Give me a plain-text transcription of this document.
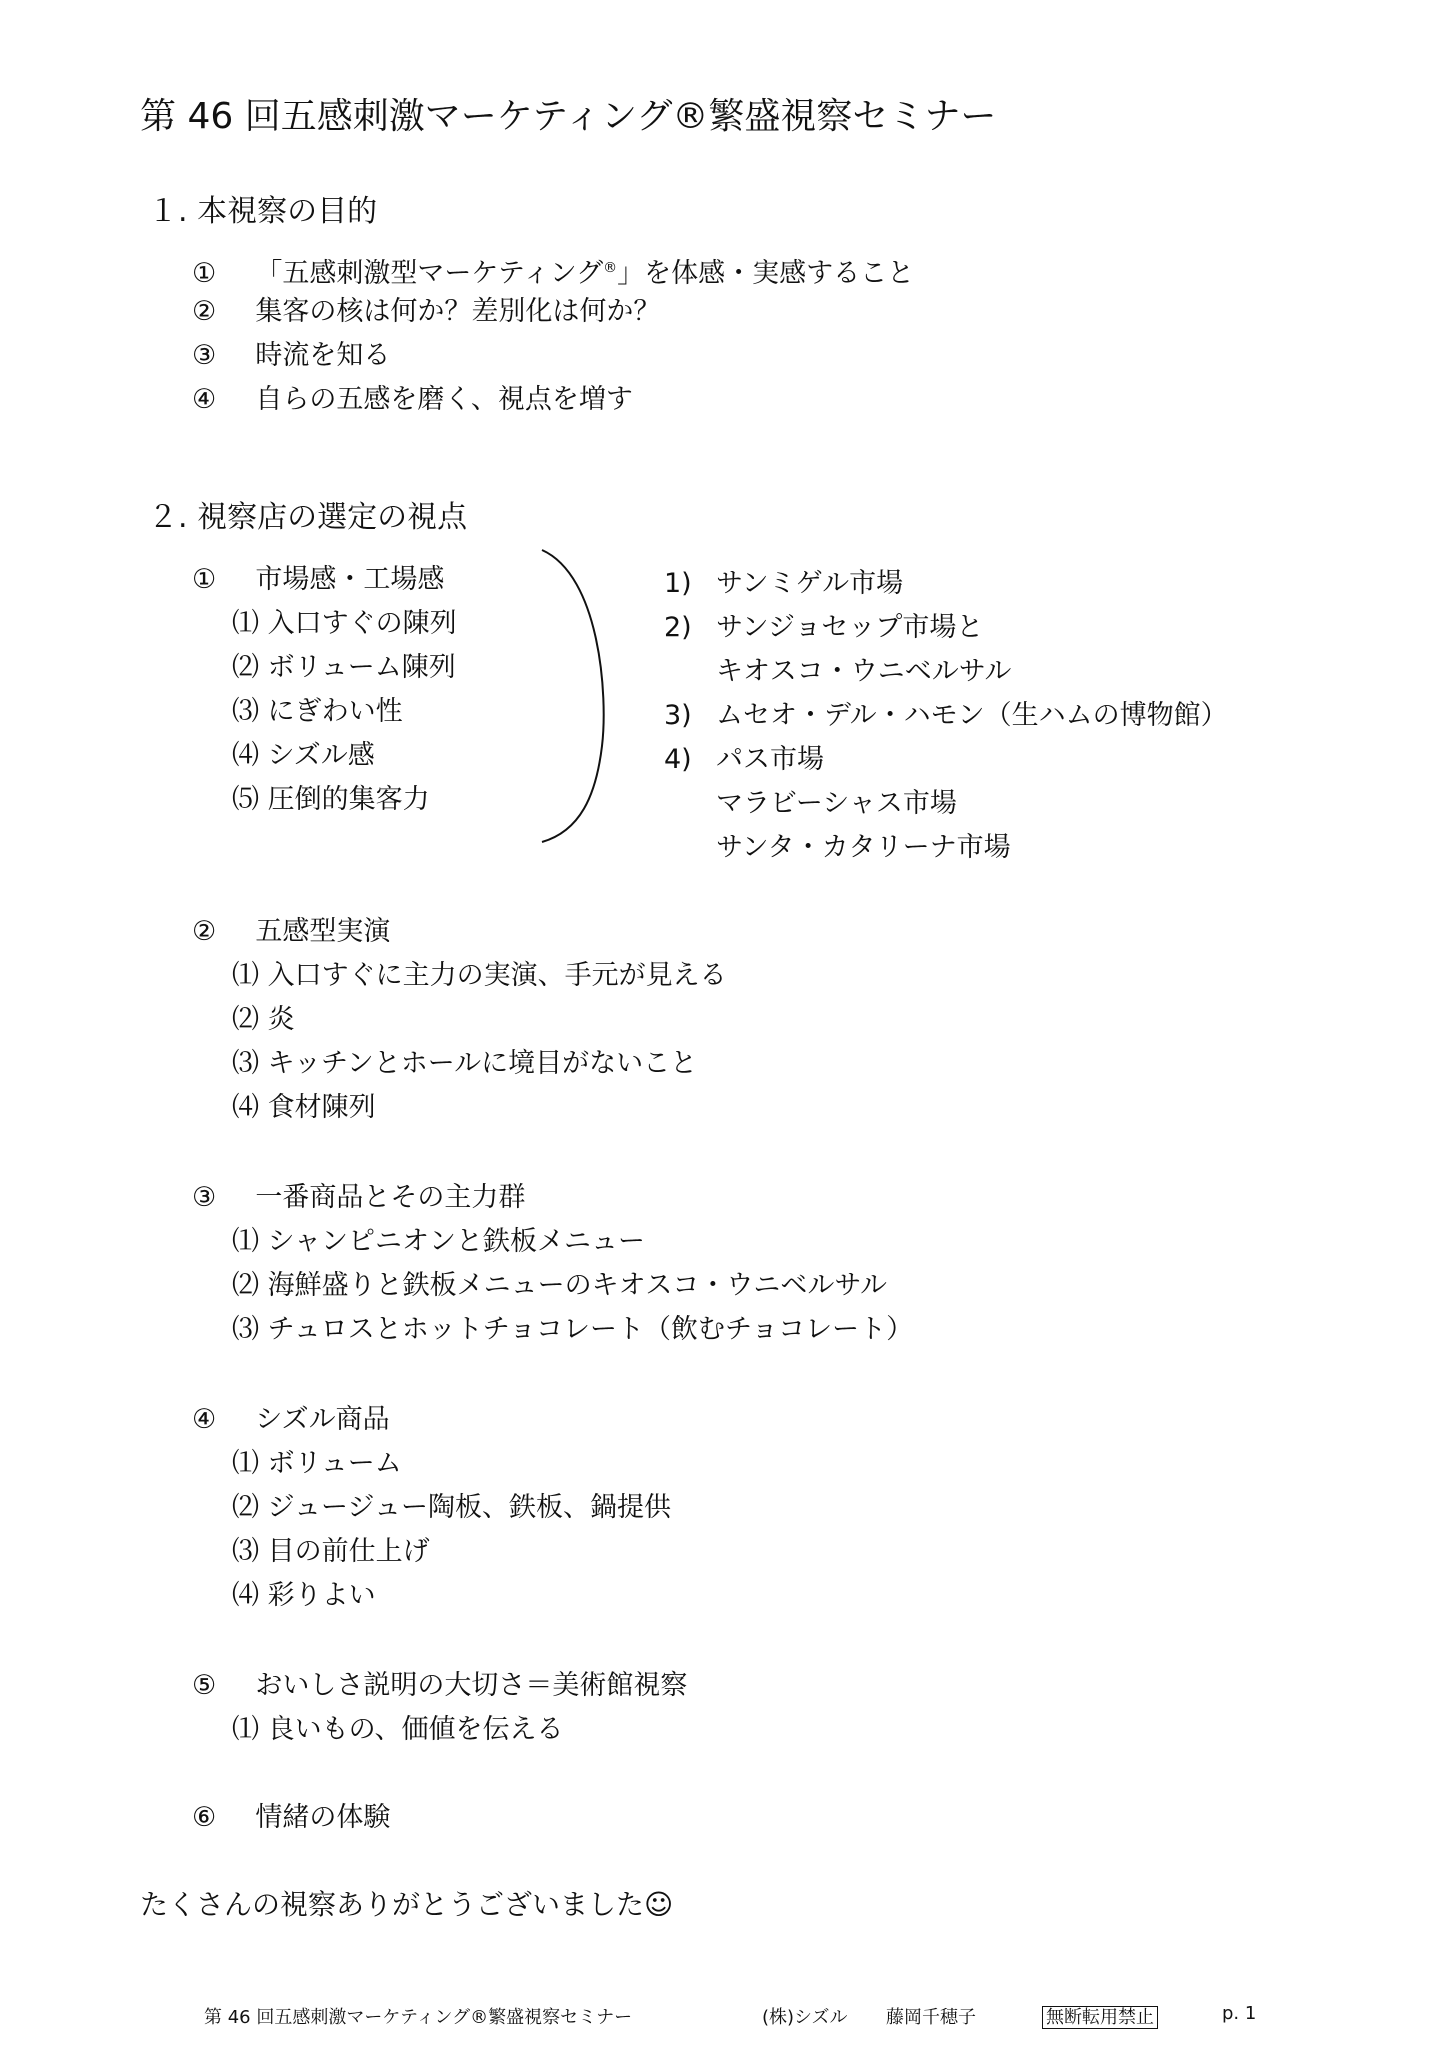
第 46 回五感刺激マーケティング®繁盛視察セミナー
１. 本視察の目的
① 「五感刺激型マーケティング®」を体感・実感すること
② 集客の核は何か？差別化は何か？
③ 時流を知る
④ 自らの五感を磨く、視点を増す
２. 視察店の選定の視点
① 市場感・工場感
⑴ 入口すぐの陳列
⑵ ボリューム陳列
⑶ にぎわい性
⑷ シズル感
⑸ 圧倒的集客力
1) サンミゲル市場
2) サンジョセップ市場と
キオスコ・ウニベルサル
3) ムセオ・デル・ハモン（生ハムの博物館）
4) パス市場
マラビーシャス市場
サンタ・カタリーナ市場
② 五感型実演
⑴ 入口すぐに主力の実演、手元が見える
⑵ 炎
⑶ キッチンとホールに境目がないこと
⑷ 食材陳列
③ 一番商品とその主力群
⑴ シャンピニオンと鉄板メニュー
⑵ 海鮮盛りと鉄板メニューのキオスコ・ウニベルサル
⑶ チュロスとホットチョコレート（飲むチョコレート）
④ シズル商品
⑴ ボリューム
⑵ ジュージュー陶板、鉄板、鍋提供
⑶ 目の前仕上げ
⑷ 彩りよい
⑤ おいしさ説明の大切さ＝美術館視察
⑴ 良いもの、価値を伝える
⑥ 情緒の体験
たくさんの視察ありがとうございました☺
第 46 回五感刺激マーケティング®繁盛視察セミナー	(株)シズル 藤岡千穂子	無断転用禁止	p. 1
